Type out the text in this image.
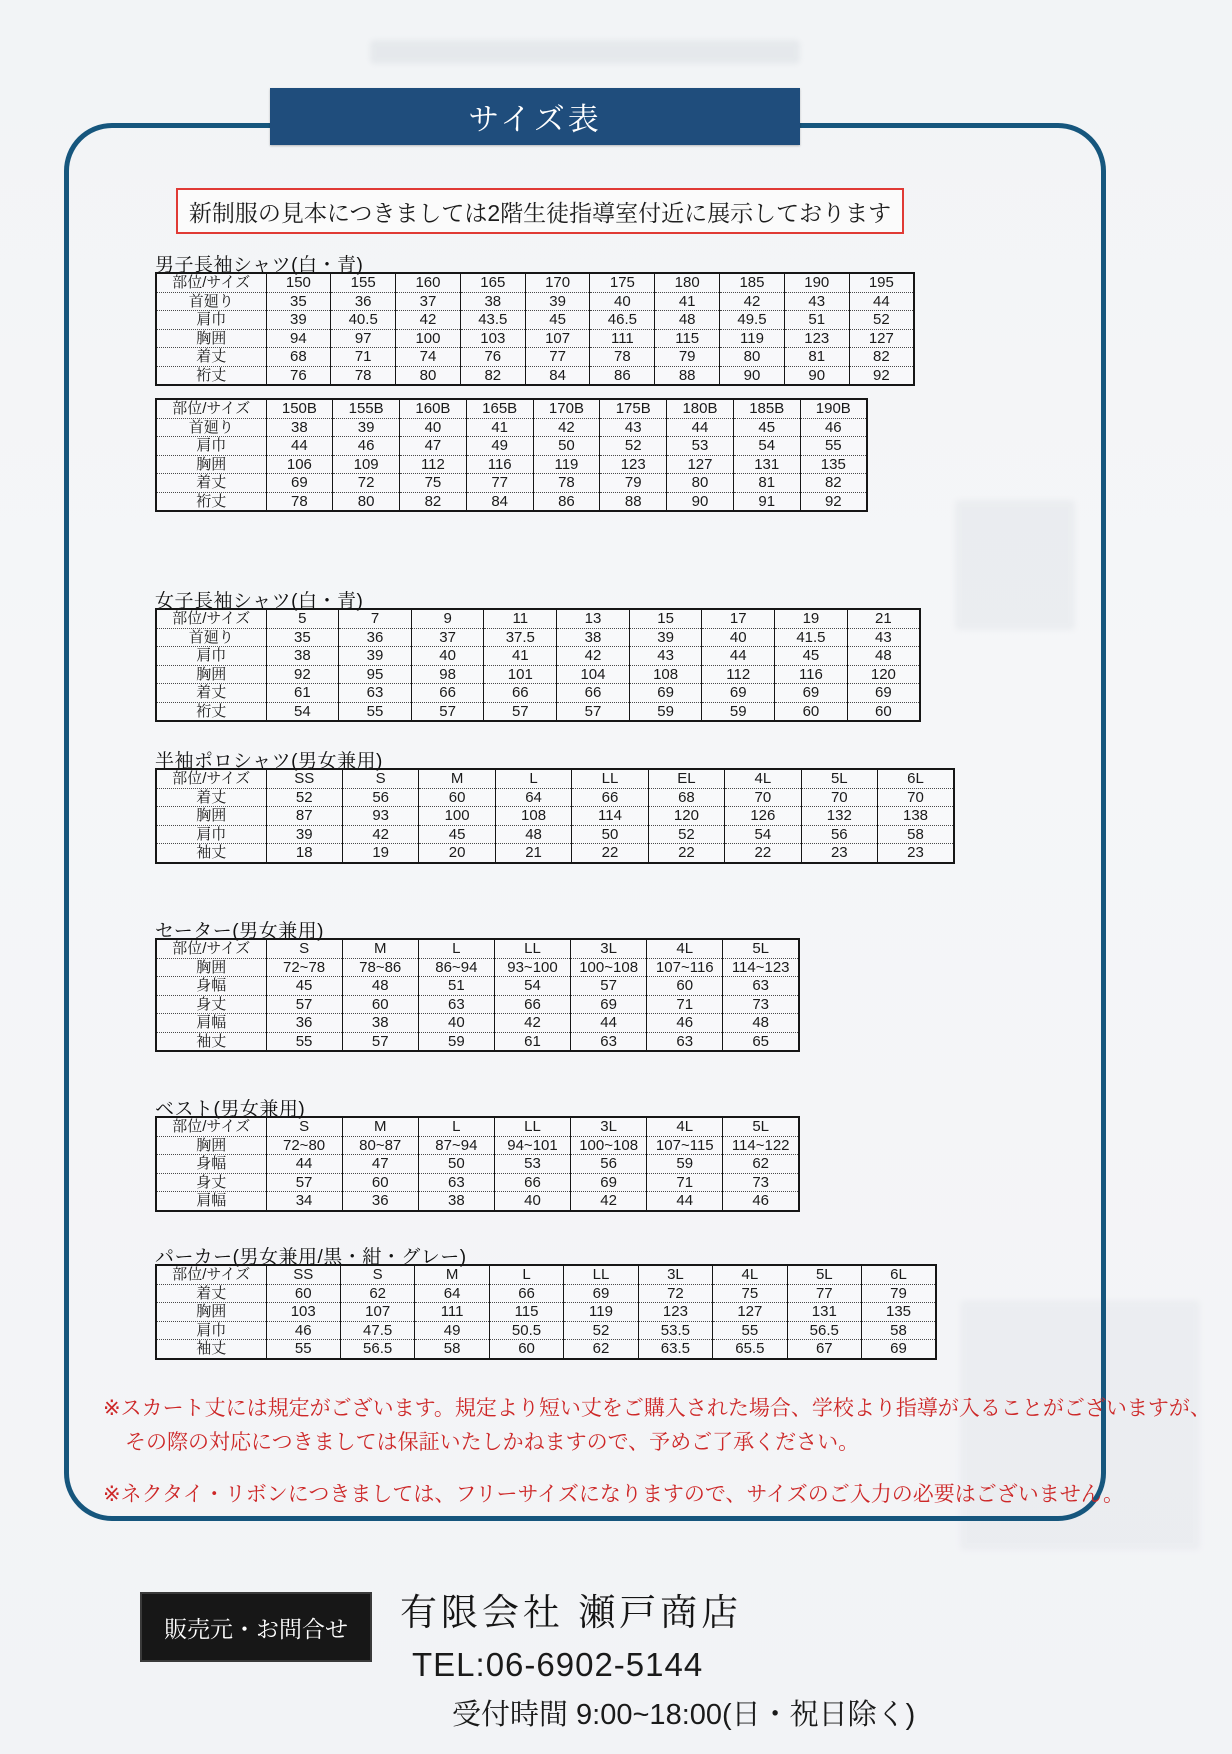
サイズ表
新制服の見本につきましては2階生徒指導室付近に展示しております
男子長袖シャツ(白・青)
部位/サイズ	150	155	160	165	170	175	180	185	190	195
首廻り	35	36	37	38	39	40	41	42	43	44
肩巾	39	40.5	42	43.5	45	46.5	48	49.5	51	52
胸囲	94	97	100	103	107	111	115	119	123	127
着丈	68	71	74	76	77	78	79	80	81	82
裄丈	76	78	80	82	84	86	88	90	90	92
部位/サイズ	150B	155B	160B	165B	170B	175B	180B	185B	190B
首廻り	38	39	40	41	42	43	44	45	46
肩巾	44	46	47	49	50	52	53	54	55
胸囲	106	109	112	116	119	123	127	131	135
着丈	69	72	75	77	78	79	80	81	82
裄丈	78	80	82	84	86	88	90	91	92
女子長袖シャツ(白・青)
部位/サイズ	5	7	9	11	13	15	17	19	21
首廻り	35	36	37	37.5	38	39	40	41.5	43
肩巾	38	39	40	41	42	43	44	45	48
胸囲	92	95	98	101	104	108	112	116	120
着丈	61	63	66	66	66	69	69	69	69
裄丈	54	55	57	57	57	59	59	60	60
半袖ポロシャツ(男女兼用)
部位/サイズ	SS	S	M	L	LL	EL	4L	5L	6L
着丈	52	56	60	64	66	68	70	70	70
胸囲	87	93	100	108	114	120	126	132	138
肩巾	39	42	45	48	50	52	54	56	58
袖丈	18	19	20	21	22	22	22	23	23
セーター(男女兼用)
部位/サイズ	S	M	L	LL	3L	4L	5L
胸囲	72~78	78~86	86~94	93~100	100~108	107~116	114~123
身幅	45	48	51	54	57	60	63
身丈	57	60	63	66	69	71	73
肩幅	36	38	40	42	44	46	48
袖丈	55	57	59	61	63	63	65
ベスト(男女兼用)
部位/サイズ	S	M	L	LL	3L	4L	5L
胸囲	72~80	80~87	87~94	94~101	100~108	107~115	114~122
身幅	44	47	50	53	56	59	62
身丈	57	60	63	66	69	71	73
肩幅	34	36	38	40	42	44	46
パーカー(男女兼用/黒・紺・グレー)
部位/サイズ	SS	S	M	L	LL	3L	4L	5L	6L
着丈	60	62	64	66	69	72	75	77	79
胸囲	103	107	111	115	119	123	127	131	135
肩巾	46	47.5	49	50.5	52	53.5	55	56.5	58
袖丈	55	56.5	58	60	62	63.5	65.5	67	69
※スカート丈には規定がございます。規定より短い丈をご購入された場合、学校より指導が入ることがございますが、
その際の対応につきましては保証いたしかねますので、予めご了承ください。
※ネクタイ・リボンにつきましては、フリーサイズになりますので、サイズのご入力の必要はございません。
販売元・お問合せ	有限会社 瀬戸商店
TEL:06-6902-5144
受付時間 9:00~18:00(日・祝日除く)
